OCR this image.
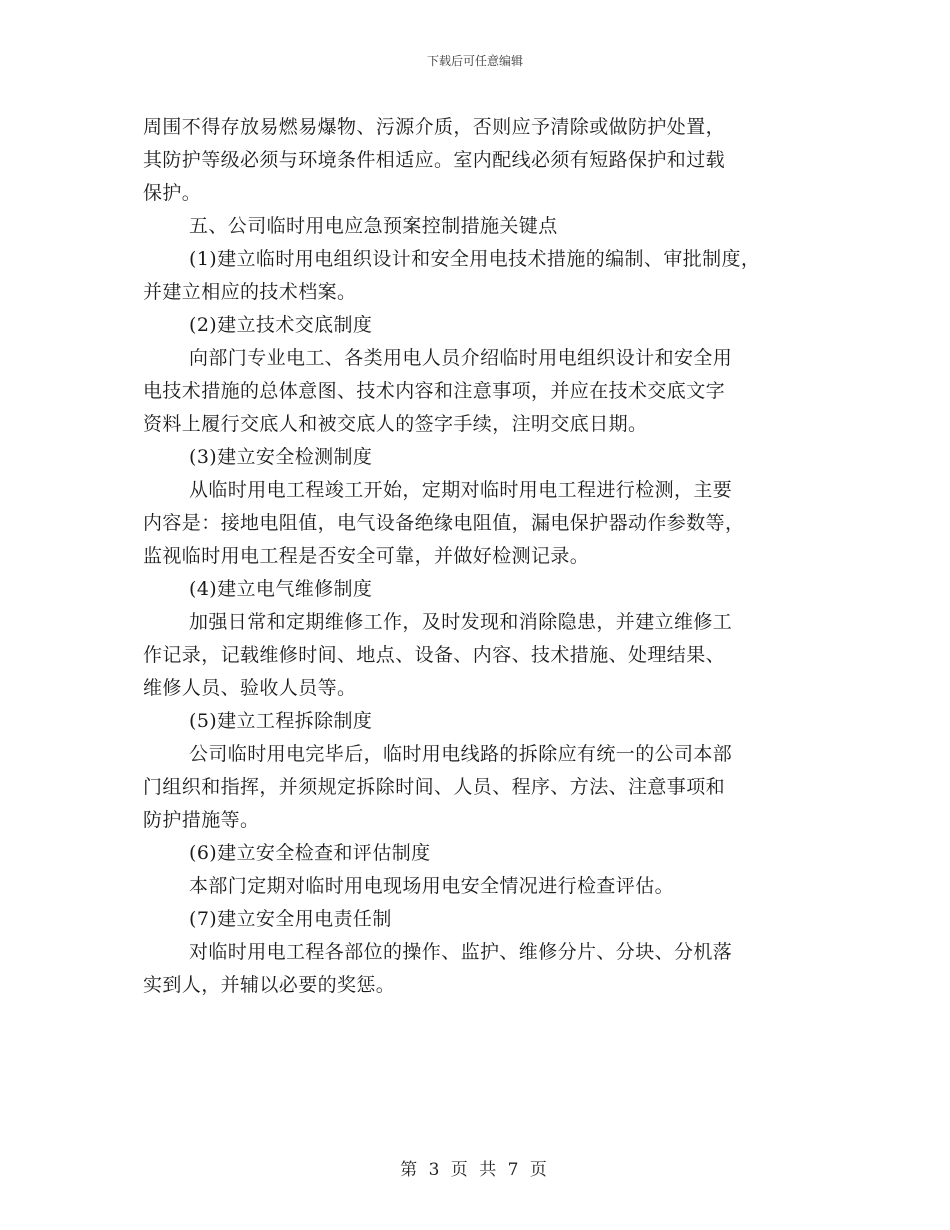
下载后可任意编辑
周围不得存放易燃易爆物、污源介质，否则应予清除或做防护处置，
其防护等级必须与环境条件相适应。室内配线必须有短路保护和过载
保护。
五、公司临时用电应急预案控制措施关键点
(1)建立临时用电组织设计和安全用电技术措施的编制、审批制度，
并建立相应的技术档案。
(2)建立技术交底制度
向部门专业电工、各类用电人员介绍临时用电组织设计和安全用
电技术措施的总体意图、技术内容和注意事项，并应在技术交底文字
资料上履行交底人和被交底人的签字手续，注明交底日期。
(3)建立安全检测制度
从临时用电工程竣工开始，定期对临时用电工程进行检测，主要
内容是：接地电阻值，电气设备绝缘电阻值，漏电保护器动作参数等，
监视临时用电工程是否安全可靠，并做好检测记录。
(4)建立电气维修制度
加强日常和定期维修工作，及时发现和消除隐患，并建立维修工
作记录，记载维修时间、地点、设备、内容、技术措施、处理结果、
维修人员、验收人员等。
(5)建立工程拆除制度
公司临时用电完毕后，临时用电线路的拆除应有统一的公司本部
门组织和指挥，并须规定拆除时间、人员、程序、方法、注意事项和
防护措施等。
(6)建立安全检查和评估制度
本部门定期对临时用电现场用电安全情况进行检查评估。
(7)建立安全用电责任制
对临时用电工程各部位的操作、监护、维修分片、分块、分机落
实到人，并辅以必要的奖惩。
第 3 页 共 7 页
